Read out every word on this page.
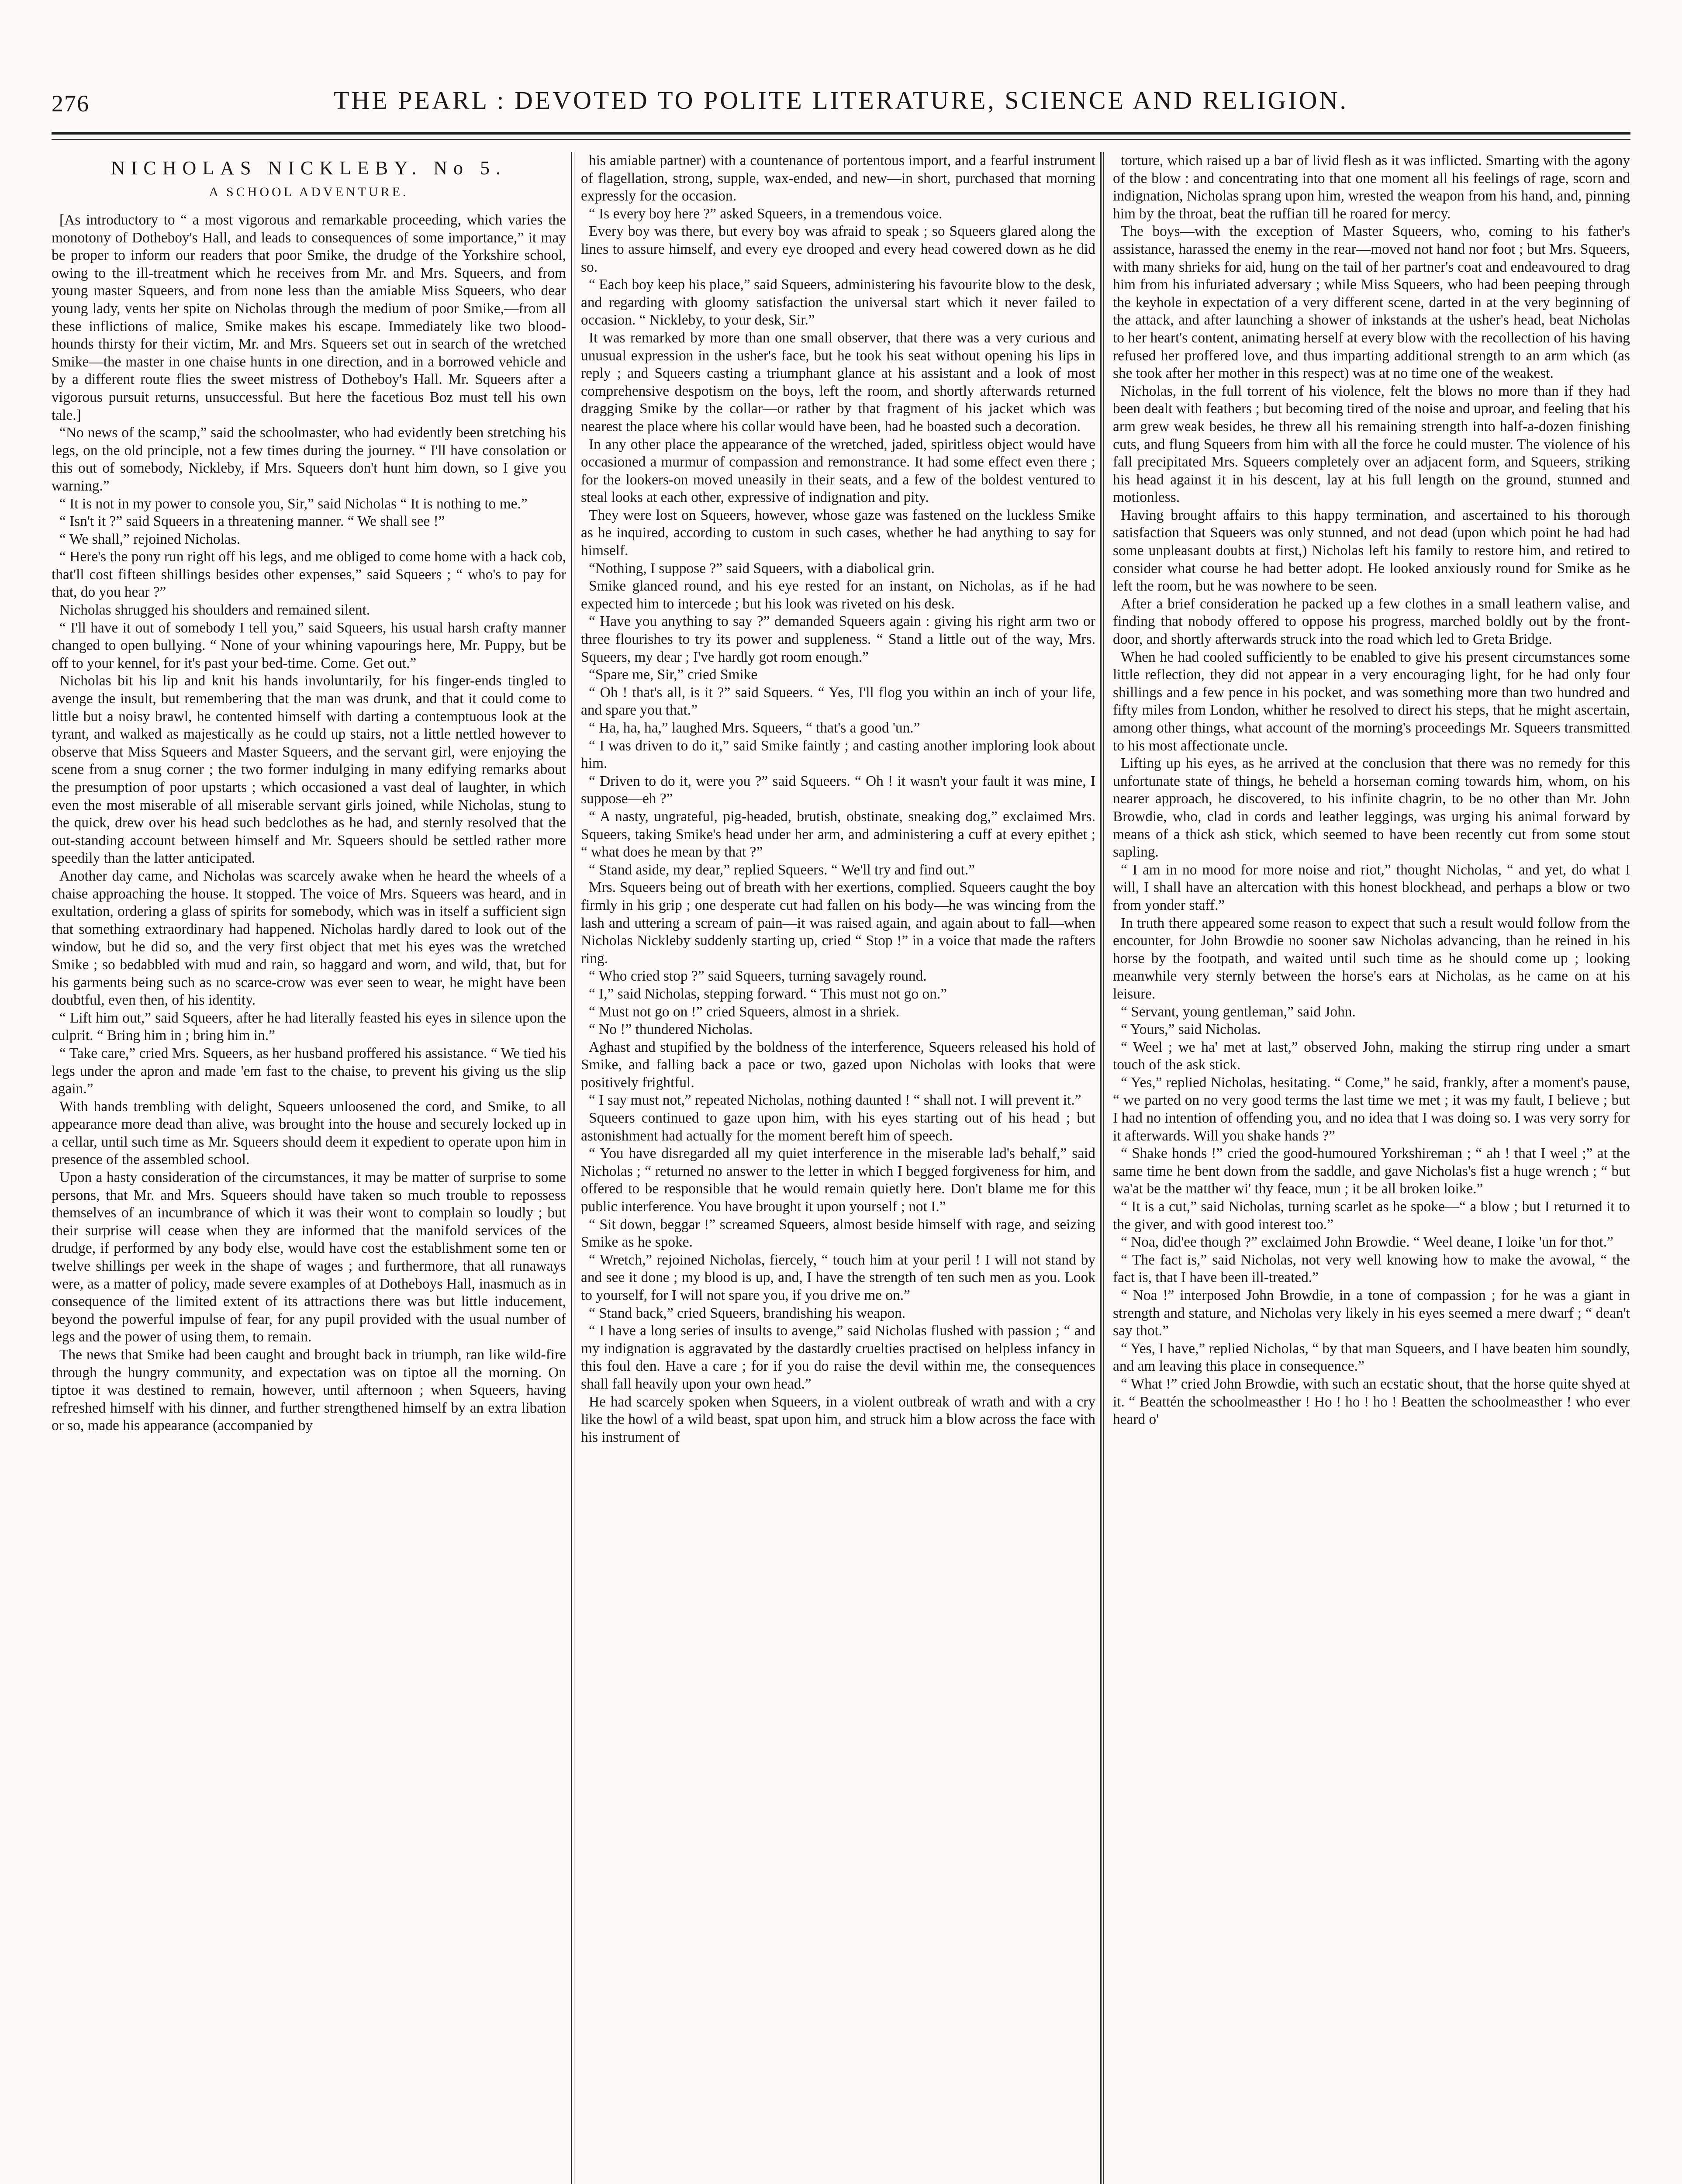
276	THE PEARL : DEVOTED TO POLITE LITERATURE, SCIENCE AND RELIGION.
NICHOLAS NICKLEBY. No 5.
A SCHOOL ADVENTURE.

[As introductory to “ a most vigorous and remarkable proceeding, which varies the monotony of Dotheboy's Hall, and leads to consequences of some importance,” it may be proper to inform our readers that poor Smike, the drudge of the Yorkshire school, owing to the ill-treatment which he receives from Mr. and Mrs. Squeers, and from young master Squeers, and from none less than the amiable Miss Squeers, who dear young lady, vents her spite on Nicholas through the medium of poor Smike,—from all these inflictions of malice, Smike makes his escape. Immediately like two blood-hounds thirsty for their victim, Mr. and Mrs. Squeers set out in search of the wretched Smike—the master in one chaise hunts in one direction, and in a borrowed vehicle and by a different route flies the sweet mistress of Dotheboy's Hall. Mr. Squeers after a vigorous pursuit returns, unsuccessful. But here the facetious Boz must tell his own tale.]

“No news of the scamp,” said the schoolmaster, who had evidently been stretching his legs, on the old principle, not a few times during the journey. “ I'll have consolation or this out of somebody, Nickleby, if Mrs. Squeers don't hunt him down, so I give you warning.”

“ It is not in my power to console you, Sir,” said Nicholas “ It is nothing to me.”

“ Isn't it ?” said Squeers in a threatening manner. “ We shall see !”

“ We shall,” rejoined Nicholas.

“ Here's the pony run right off his legs, and me obliged to come home with a hack cob, that'll cost fifteen shillings besides other expenses,” said Squeers ; “ who's to pay for that, do you hear ?”

Nicholas shrugged his shoulders and remained silent.

“ I'll have it out of somebody I tell you,” said Squeers, his usual harsh crafty manner changed to open bullying. “ None of your whining vapourings here, Mr. Puppy, but be off to your kennel, for it's past your bed-time. Come. Get out.”

Nicholas bit his lip and knit his hands involuntarily, for his finger-ends tingled to avenge the insult, but remembering that the man was drunk, and that it could come to little but a noisy brawl, he contented himself with darting a contemptuous look at the tyrant, and walked as majestically as he could up stairs, not a little nettled however to observe that Miss Squeers and Master Squeers, and the servant girl, were enjoying the scene from a snug corner ; the two former indulging in many edifying remarks about the presumption of poor upstarts ; which occasioned a vast deal of laughter, in which even the most miserable of all miserable servant girls joined, while Nicholas, stung to the quick, drew over his head such bedclothes as he had, and sternly resolved that the out-standing account between himself and Mr. Squeers should be settled rather more speedily than the latter anticipated.

Another day came, and Nicholas was scarcely awake when he heard the wheels of a chaise approaching the house. It stopped. The voice of Mrs. Squeers was heard, and in exultation, ordering a glass of spirits for somebody, which was in itself a sufficient sign that something extraordinary had happened. Nicholas hardly dared to look out of the window, but he did so, and the very first object that met his eyes was the wretched Smike ; so bedabbled with mud and rain, so haggard and worn, and wild, that, but for his garments being such as no scarce-crow was ever seen to wear, he might have been doubtful, even then, of his identity.

“ Lift him out,” said Squeers, after he had literally feasted his eyes in silence upon the culprit. “ Bring him in ; bring him in.”

“ Take care,” cried Mrs. Squeers, as her husband proffered his assistance. “ We tied his legs under the apron and made 'em fast to the chaise, to prevent his giving us the slip again.”

With hands trembling with delight, Squeers unloosened the cord, and Smike, to all appearance more dead than alive, was brought into the house and securely locked up in a cellar, until such time as Mr. Squeers should deem it expedient to operate upon him in presence of the assembled school.

Upon a hasty consideration of the circumstances, it may be matter of surprise to some persons, that Mr. and Mrs. Squeers should have taken so much trouble to repossess themselves of an incumbrance of which it was their wont to complain so loudly ; but their surprise will cease when they are informed that the manifold services of the drudge, if performed by any body else, would have cost the establishment some ten or twelve shillings per week in the shape of wages ; and furthermore, that all runaways were, as a matter of policy, made severe examples of at Dotheboys Hall, inasmuch as in consequence of the limited extent of its attractions there was but little inducement, beyond the powerful impulse of fear, for any pupil provided with the usual number of legs and the power of using them, to remain.

The news that Smike had been caught and brought back in triumph, ran like wild-fire through the hungry community, and expectation was on tiptoe all the morning. On tiptoe it was destined to remain, however, until afternoon ; when Squeers, having refreshed himself with his dinner, and further strengthened himself by an extra libation or so, made his appearance (accompanied by

his amiable partner) with a countenance of portentous import, and a fearful instrument of flagellation, strong, supple, wax-ended, and new—in short, purchased that morning expressly for the occasion.

“ Is every boy here ?” asked Squeers, in a tremendous voice.

Every boy was there, but every boy was afraid to speak ; so Squeers glared along the lines to assure himself, and every eye drooped and every head cowered down as he did so.

“ Each boy keep his place,” said Squeers, administering his favourite blow to the desk, and regarding with gloomy satisfaction the universal start which it never failed to occasion. “ Nickleby, to your desk, Sir.”

It was remarked by more than one small observer, that there was a very curious and unusual expression in the usher's face, but he took his seat without opening his lips in reply ; and Squeers casting a triumphant glance at his assistant and a look of most comprehensive despotism on the boys, left the room, and shortly afterwards returned dragging Smike by the collar—or rather by that fragment of his jacket which was nearest the place where his collar would have been, had he boasted such a decoration.

In any other place the appearance of the wretched, jaded, spiritless object would have occasioned a murmur of compassion and remonstrance. It had some effect even there ; for the lookers-on moved uneasily in their seats, and a few of the boldest ventured to steal looks at each other, expressive of indignation and pity.

They were lost on Squeers, however, whose gaze was fastened on the luckless Smike as he inquired, according to custom in such cases, whether he had anything to say for himself.

“Nothing, I suppose ?” said Squeers, with a diabolical grin.

Smike glanced round, and his eye rested for an instant, on Nicholas, as if he had expected him to intercede ; but his look was riveted on his desk.

“ Have you anything to say ?” demanded Squeers again : giving his right arm two or three flourishes to try its power and suppleness. “ Stand a little out of the way, Mrs. Squeers, my dear ; I've hardly got room enough.”

“Spare me, Sir,” cried Smike

“ Oh ! that's all, is it ?” said Squeers. “ Yes, I'll flog you within an inch of your life, and spare you that.”

“ Ha, ha, ha,” laughed Mrs. Squeers, “ that's a good 'un.”

“ I was driven to do it,” said Smike faintly ; and casting another imploring look about him.

“ Driven to do it, were you ?” said Squeers. “ Oh ! it wasn't your fault it was mine, I suppose—eh ?”

“ A nasty, ungrateful, pig-headed, brutish, obstinate, sneaking dog,” exclaimed Mrs. Squeers, taking Smike's head under her arm, and administering a cuff at every epithet ; “ what does he mean by that ?”

“ Stand aside, my dear,” replied Squeers. “ We'll try and find out.”

Mrs. Squeers being out of breath with her exertions, complied. Squeers caught the boy firmly in his grip ; one desperate cut had fallen on his body—he was wincing from the lash and uttering a scream of pain—it was raised again, and again about to fall—when Nicholas Nickleby suddenly starting up, cried “ Stop !” in a voice that made the rafters ring.

“ Who cried stop ?” said Squeers, turning savagely round.

“ I,” said Nicholas, stepping forward. “ This must not go on.”

“ Must not go on !” cried Squeers, almost in a shriek.

“ No !” thundered Nicholas.

Aghast and stupified by the boldness of the interference, Squeers released his hold of Smike, and falling back a pace or two, gazed upon Nicholas with looks that were positively frightful.

“ I say must not,” repeated Nicholas, nothing daunted ! “ shall not. I will prevent it.”

Squeers continued to gaze upon him, with his eyes starting out of his head ; but astonishment had actually for the moment bereft him of speech.

“ You have disregarded all my quiet interference in the miserable lad's behalf,” said Nicholas ; “ returned no answer to the letter in which I begged forgiveness for him, and offered to be responsible that he would remain quietly here. Don't blame me for this public interference. You have brought it upon yourself ; not I.”

“ Sit down, beggar !” screamed Squeers, almost beside himself with rage, and seizing Smike as he spoke.

“ Wretch,” rejoined Nicholas, fiercely, “ touch him at your peril ! I will not stand by and see it done ; my blood is up, and, I have the strength of ten such men as you. Look to yourself, for I will not spare you, if you drive me on.”

“ Stand back,” cried Squeers, brandishing his weapon.

“ I have a long series of insults to avenge,” said Nicholas flushed with passion ; “ and my indignation is aggravated by the dastardly cruelties practised on helpless infancy in this foul den. Have a care ; for if you do raise the devil within me, the consequences shall fall heavily upon your own head.”

He had scarcely spoken when Squeers, in a violent outbreak of wrath and with a cry like the howl of a wild beast, spat upon him, and struck him a blow across the face with his instrument of

torture, which raised up a bar of livid flesh as it was inflicted. Smarting with the agony of the blow : and concentrating into that one moment all his feelings of rage, scorn and indignation, Nicholas sprang upon him, wrested the weapon from his hand, and, pinning him by the throat, beat the ruffian till he roared for mercy.

The boys—with the exception of Master Squeers, who, coming to his father's assistance, harassed the enemy in the rear—moved not hand nor foot ; but Mrs. Squeers, with many shrieks for aid, hung on the tail of her partner's coat and endeavoured to drag him from his infuriated adversary ; while Miss Squeers, who had been peeping through the keyhole in expectation of a very different scene, darted in at the very beginning of the attack, and after launching a shower of inkstands at the usher's head, beat Nicholas to her heart's content, animating herself at every blow with the recollection of his having refused her proffered love, and thus imparting additional strength to an arm which (as she took after her mother in this respect) was at no time one of the weakest.

Nicholas, in the full torrent of his violence, felt the blows no more than if they had been dealt with feathers ; but becoming tired of the noise and uproar, and feeling that his arm grew weak besides, he threw all his remaining strength into half-a-dozen finishing cuts, and flung Squeers from him with all the force he could muster. The violence of his fall precipitated Mrs. Squeers completely over an adjacent form, and Squeers, striking his head against it in his descent, lay at his full length on the ground, stunned and motionless.

Having brought affairs to this happy termination, and ascertained to his thorough satisfaction that Squeers was only stunned, and not dead (upon which point he had had some unpleasant doubts at first,) Nicholas left his family to restore him, and retired to consider what course he had better adopt. He looked anxiously round for Smike as he left the room, but he was nowhere to be seen.

After a brief consideration he packed up a few clothes in a small leathern valise, and finding that nobody offered to oppose his progress, marched boldly out by the front-door, and shortly afterwards struck into the road which led to Greta Bridge.

When he had cooled sufficiently to be enabled to give his present circumstances some little reflection, they did not appear in a very encouraging light, for he had only four shillings and a few pence in his pocket, and was something more than two hundred and fifty miles from London, whither he resolved to direct his steps, that he might ascertain, among other things, what account of the morning's proceedings Mr. Squeers transmitted to his most affectionate uncle.

Lifting up his eyes, as he arrived at the conclusion that there was no remedy for this unfortunate state of things, he beheld a horseman coming towards him, whom, on his nearer approach, he discovered, to his infinite chagrin, to be no other than Mr. John Browdie, who, clad in cords and leather leggings, was urging his animal forward by means of a thick ash stick, which seemed to have been recently cut from some stout sapling.

“ I am in no mood for more noise and riot,” thought Nicholas, “ and yet, do what I will, I shall have an altercation with this honest blockhead, and perhaps a blow or two from yonder staff.”

In truth there appeared some reason to expect that such a result would follow from the encounter, for John Browdie no sooner saw Nicholas advancing, than he reined in his horse by the footpath, and waited until such time as he should come up ; looking meanwhile very sternly between the horse's ears at Nicholas, as he came on at his leisure.

“ Servant, young gentleman,” said John.

“ Yours,” said Nicholas.

“ Weel ; we ha' met at last,” observed John, making the stirrup ring under a smart touch of the ask stick.

“ Yes,” replied Nicholas, hesitating. “ Come,” he said, frankly, after a moment's pause, “ we parted on no very good terms the last time we met ; it was my fault, I believe ; but I had no intention of offending you, and no idea that I was doing so. I was very sorry for it afterwards. Will you shake hands ?”

“ Shake honds !” cried the good-humoured Yorkshireman ; “ ah ! that I weel ;” at the same time he bent down from the saddle, and gave Nicholas's fist a huge wrench ; “ but wa'at be the matther wi' thy feace, mun ; it be all broken loike.”

“ It is a cut,” said Nicholas, turning scarlet as he spoke—“ a blow ; but I returned it to the giver, and with good interest too.”

“ Noa, did'ee though ?” exclaimed John Browdie. “ Weel deane, I loike 'un for thot.”

“ The fact is,” said Nicholas, not very well knowing how to make the avowal, “ the fact is, that I have been ill-treated.”

“ Noa !” interposed John Browdie, in a tone of compassion ; for he was a giant in strength and stature, and Nicholas very likely in his eyes seemed a mere dwarf ; “ dean't say thot.”

“ Yes, I have,” replied Nicholas, “ by that man Squeers, and I have beaten him soundly, and am leaving this place in consequence.”

“ What !” cried John Browdie, with such an ecstatic shout, that the horse quite shyed at it. “ Beattén the schoolmeasther ! Ho ! ho ! ho ! Beatten the schoolmeasther ! who ever heard o'
